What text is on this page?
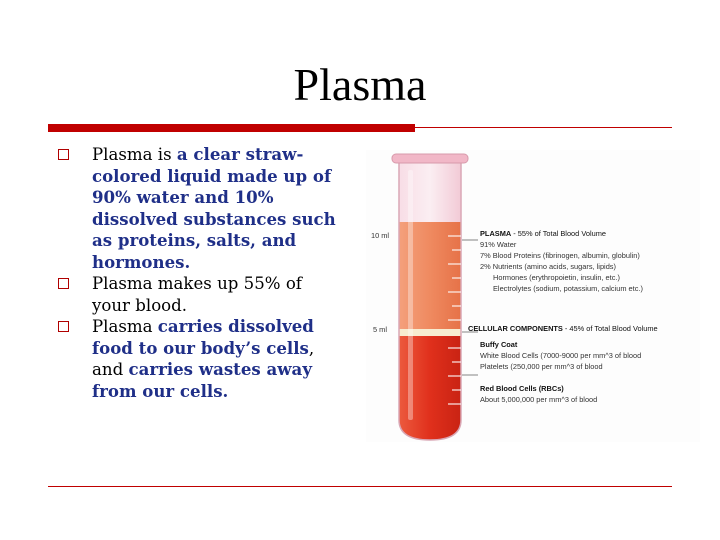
Plasma
Plasma is a clear straw-colored liquid made up of 90% water and 10% dissolved substances such as proteins, salts, and hormones.
Plasma makes up 55% of your blood.
Plasma carries dissolved food to our body’s cells, and carries wastes away from our cells.
10 ml
5 ml
PLASMA - 55% of Total Blood Volume
91% Water
7% Blood Proteins (fibrinogen, albumin, globulin)
2% Nutrients (amino acids, sugars, lipids)
Hormones (erythropoietin, insulin, etc.)
Electrolytes (sodium, potassium, calcium etc.)
CELLULAR COMPONENTS - 45% of Total Blood Volume
Buffy Coat
White Blood Cells (7000-9000 per mm^3 of blood
Platelets (250,000 per mm^3 of blood
Red Blood Cells (RBCs)
About 5,000,000 per mm^3 of blood
